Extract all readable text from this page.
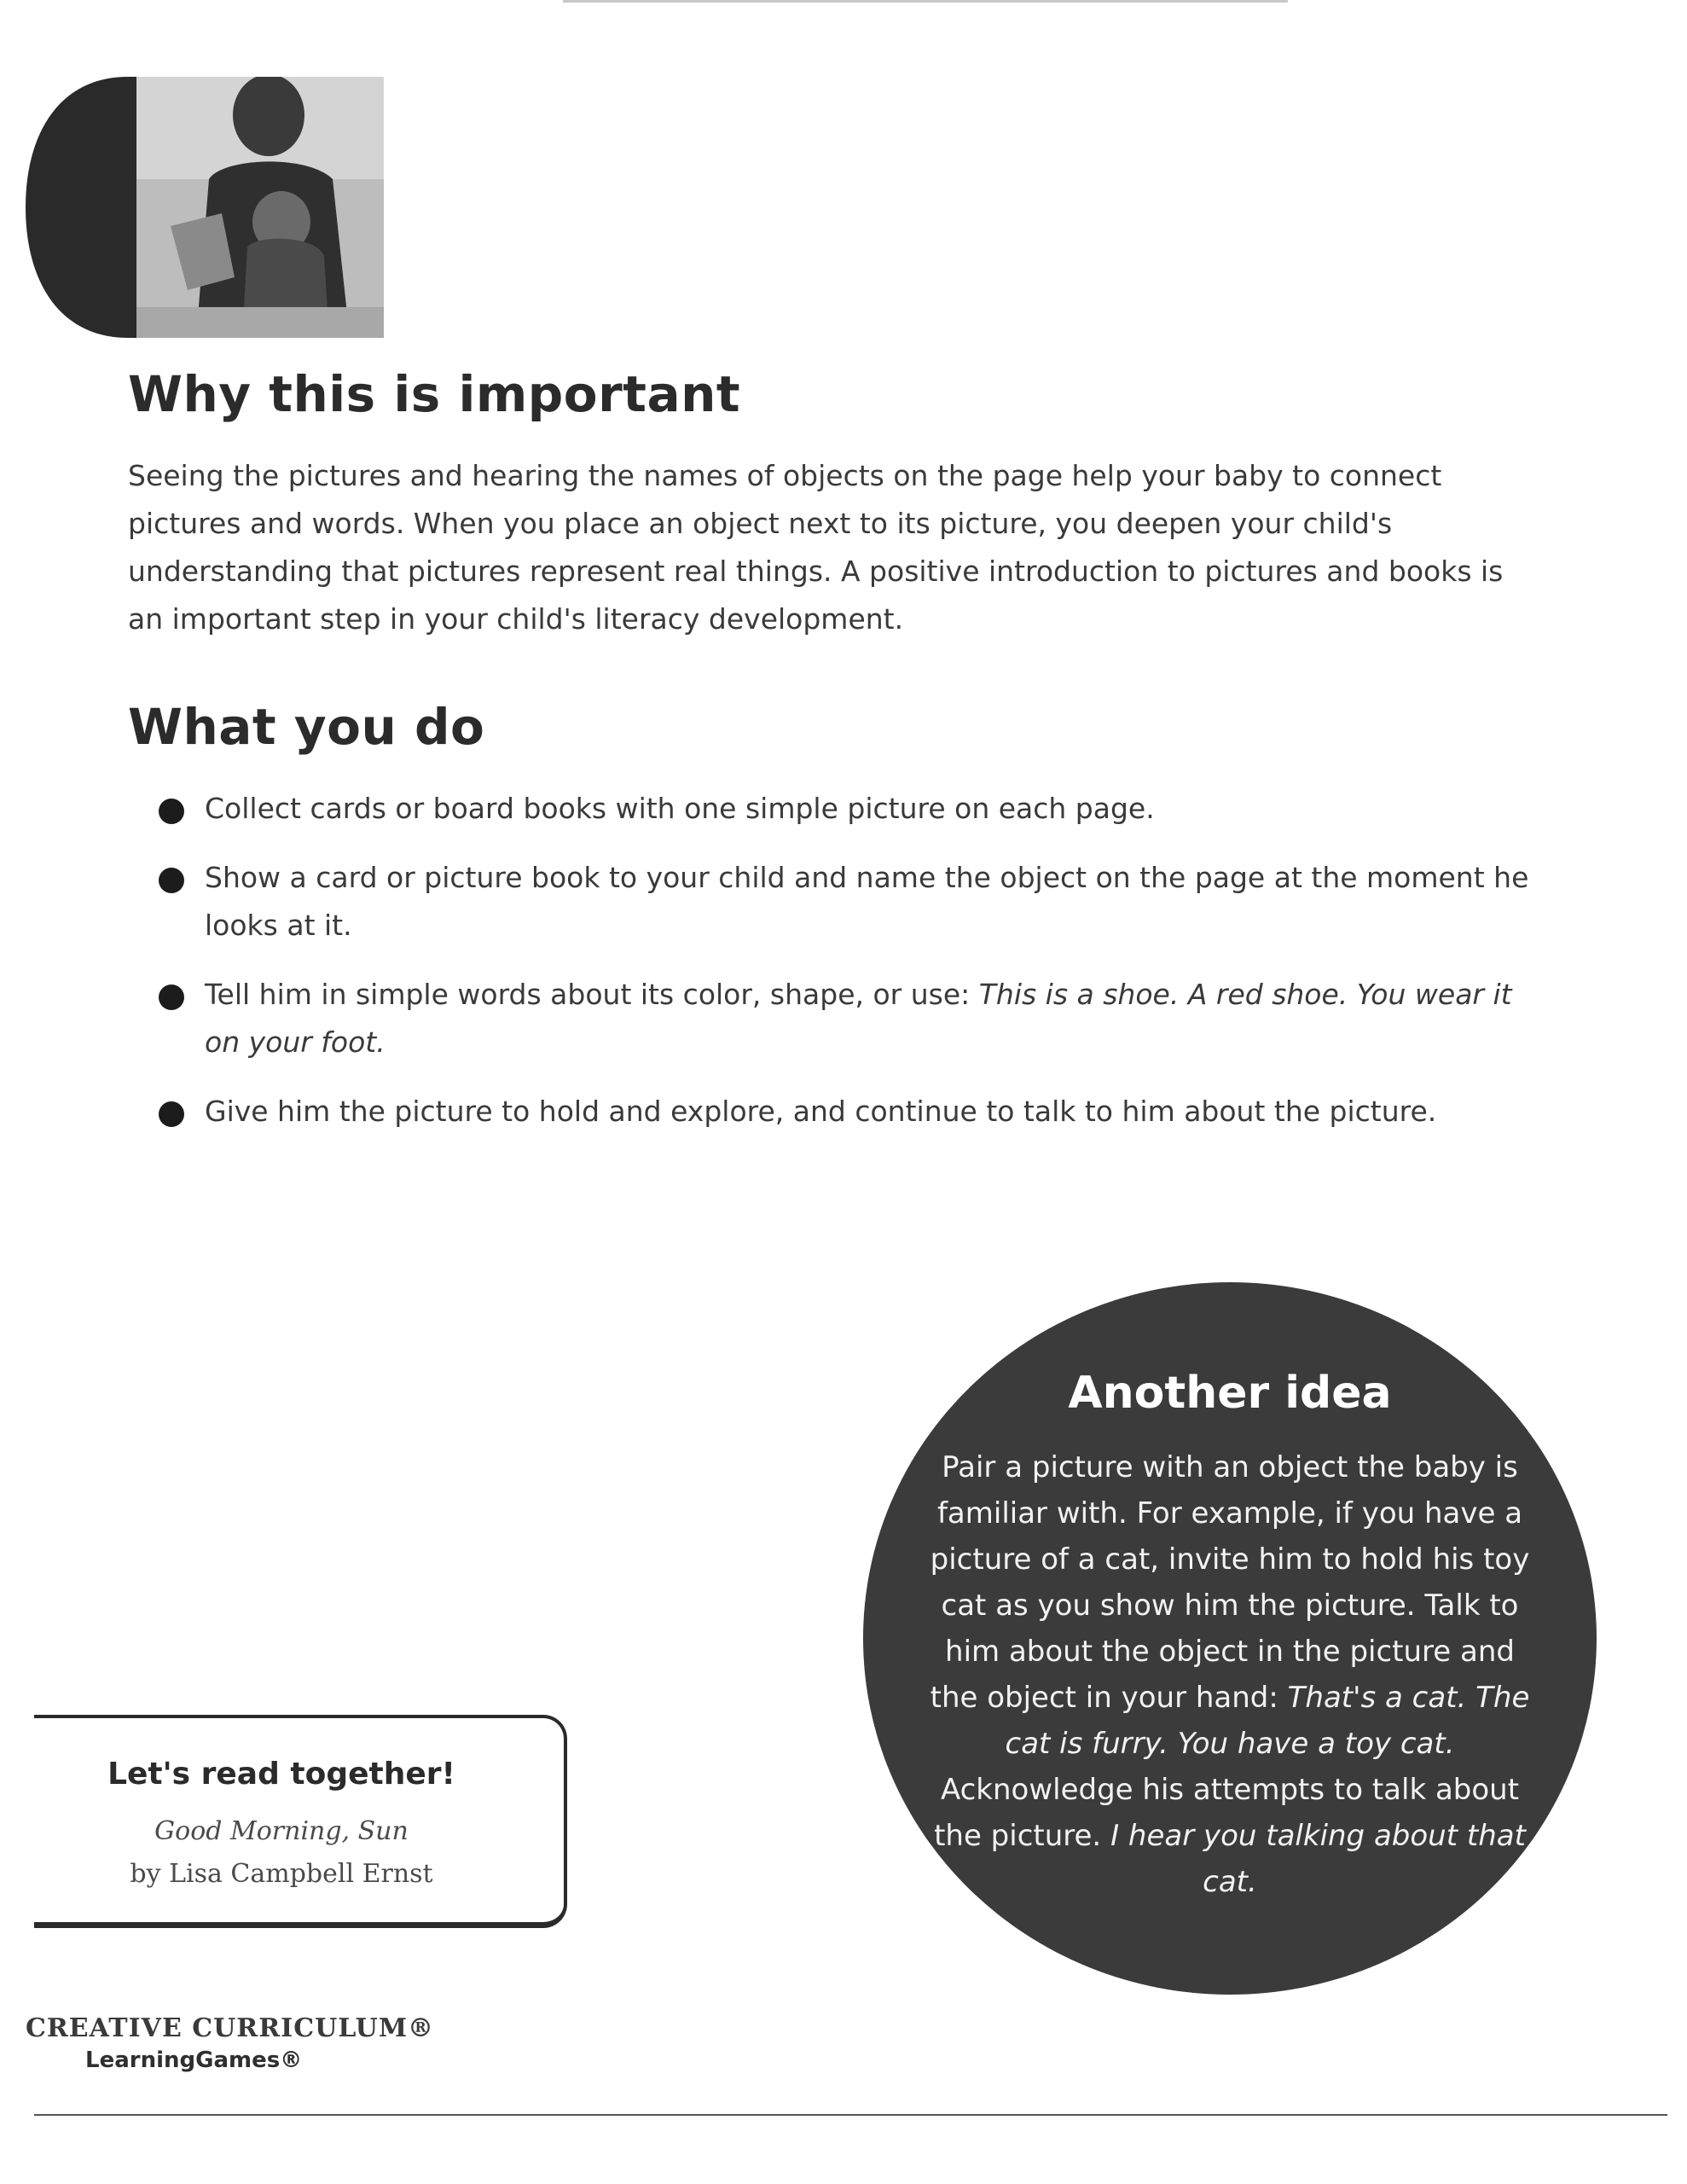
Why this is important

Seeing the pictures and hearing the names of objects on the page help your baby to connect pictures and words. When you place an object next to its picture, you deepen your child's understanding that pictures represent real things. A positive introduction to pictures and books is an important step in your child's literacy development.

What you do
Collect cards or board books with one simple picture on each page.
Show a card or picture book to your child and name the object on the page at the moment he looks at it.
Tell him in simple words about its color, shape, or use: This is a shoe. A red shoe. You wear it on your foot.
Give him the picture to hold and explore, and continue to talk to him about the picture.
Another idea

Pair a picture with an object the baby is familiar with. For example, if you have a picture of a cat, invite him to hold his toy cat as you show him the picture. Talk to him about the object in the picture and the object in your hand: That's a cat. The cat is furry. You have a toy cat. Acknowledge his attempts to talk about the picture. I hear you talking about that cat.

Let's read together!

Good Morning, Sun

by Lisa Campbell Ernst

CREATIVE CURRICULUM®
LearningGames®
